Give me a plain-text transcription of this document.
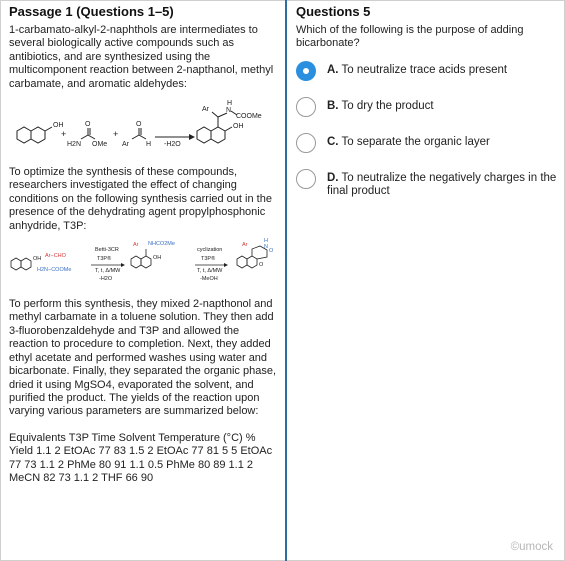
Passage 1 (Questions 1–5)

1-carbamato-alkyl-2-naphthols are intermediates to several biologically active compounds such as antibiotics, and are synthesized using the multicomponent reaction between 2-napthanol, methyl carbamate, and aromatic aldehydes:

OH
+
H2N OMe
O
+
Ar H
O
-H2O
Ar
H
N
COOMe
OH

To optimize the synthesis of these compounds, researchers investigated the effect of changing conditions on the following synthesis carried out in the presence of the dehydrating agent propylphosphonic anhydride, T3P:

OH Ar−CHO
H2N−COOMe
Betti-3CR
T3P®
T, t, Δ/MW
-H2O
Ar NHCO2Me
OH
cyclization
T3P®
T, t, Δ/MW
-MeOH
Ar
H
N
O
O

To perform this synthesis, they mixed 2-napthonol and methyl carbamate in a toluene solution. They then add 3-fluorobenzaldehyde and T3P and allowed the reaction to procedure to completion. Next, they added ethyl acetate and performed washes using water and bicarbonate. Finally, they separated the organic phase, dried it using MgSO4, evaporated the solvent, and purified the product. The yields of the reaction upon varying various parameters are summarized below:

Equivalents T3P Time Solvent Temperature (°C) % Yield 1.1 2 EtOAc 77 83 1.5 2 EtOAc 77 81 5 5 EtOAc 77 73 1.1 2 PhMe 80 91 1.1 0.5 PhMe 80 89 1.1 2 MeCN 82 73 1.1 2 THF 66 90

Questions 5

Which of the following is the purpose of adding bicarbonate?

A. To neutralize trace acids present
B. To dry the product
C. To separate the organic layer
D. To neutralize the negatively charges in the final product
©umock
